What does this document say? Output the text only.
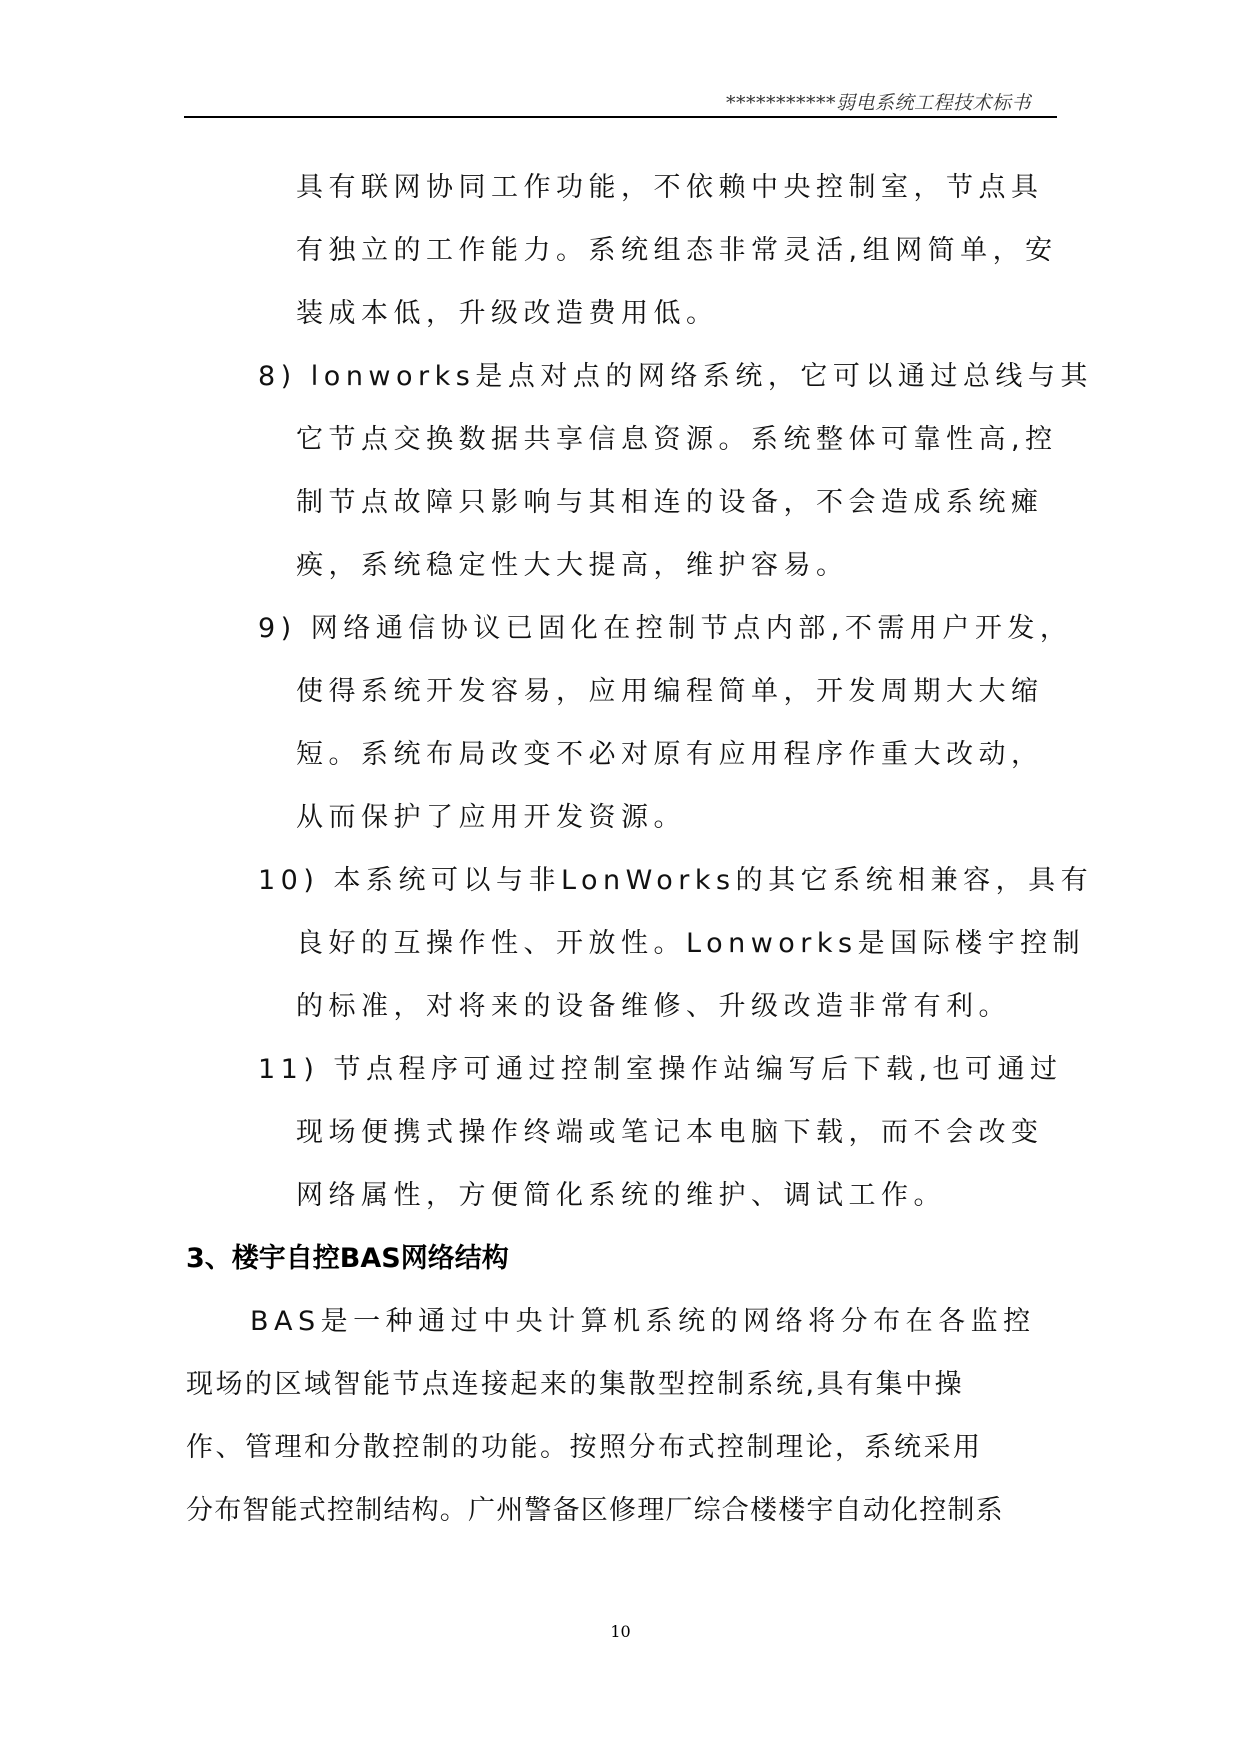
***********弱电系统工程技术标书
具有联网协同工作功能，不依赖中央控制室，节点具
有独立的工作能力。系统组态非常灵活,组网简单，安
装成本低，升级改造费用低。
8) lonworks是点对点的网络系统，它可以通过总线与其
它节点交换数据共享信息资源。系统整体可靠性高,控
制节点故障只影响与其相连的设备，不会造成系统瘫
痪，系统稳定性大大提高，维护容易。
9) 网络通信协议已固化在控制节点内部,不需用户开发，
使得系统开发容易，应用编程简单，开发周期大大缩
短。系统布局改变不必对原有应用程序作重大改动，
从而保护了应用开发资源。
10) 本系统可以与非LonWorks的其它系统相兼容，具有
良好的互操作性、开放性。Lonworks是国际楼宇控制
的标准，对将来的设备维修、升级改造非常有利。
11) 节点程序可通过控制室操作站编写后下载,也可通过
现场便携式操作终端或笔记本电脑下载，而不会改变
网络属性，方便简化系统的维护、调试工作。
3、楼宇自控BAS网络结构
BAS是一种通过中央计算机系统的网络将分布在各监控
现场的区域智能节点连接起来的集散型控制系统,具有集中操
作、管理和分散控制的功能。按照分布式控制理论，系统采用
分布智能式控制结构。广州警备区修理厂综合楼楼宇自动化控制系
10
